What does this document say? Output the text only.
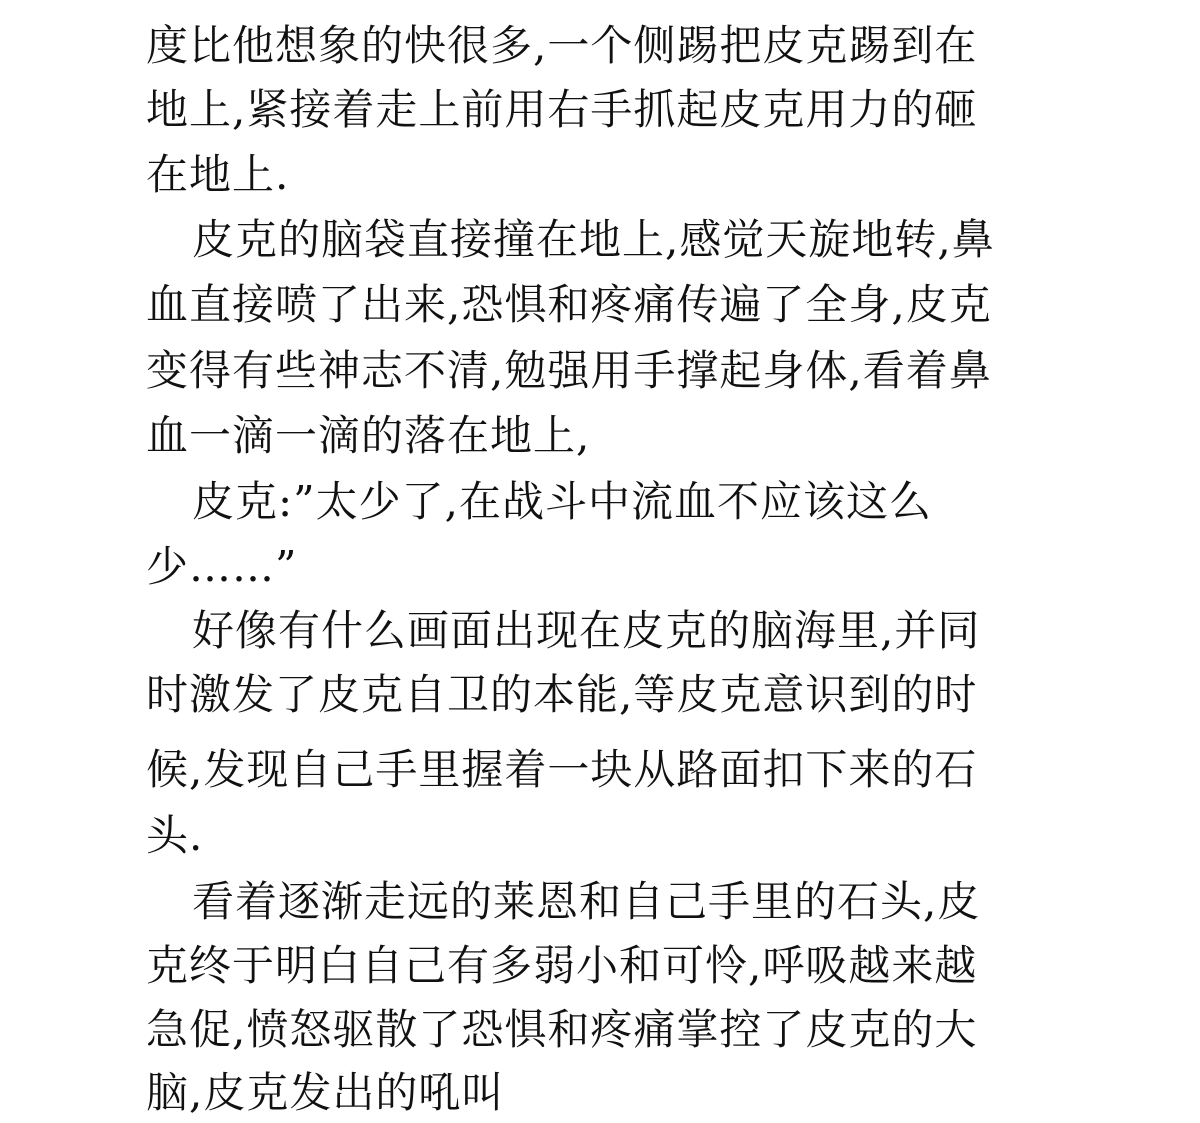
度比他想象的快很多,一个侧踢把皮克踢到在
地上,紧接着走上前用右手抓起皮克用力的砸
在地上.
皮克的脑袋直接撞在地上,感觉天旋地转,鼻
血直接喷了出来,恐惧和疼痛传遍了全身,皮克
变得有些神志不清,勉强用手撑起身体,看着鼻
血一滴一滴的落在地上,
皮克:”太少了,在战斗中流血不应该这么
少……”
好像有什么画面出现在皮克的脑海里,并同
时激发了皮克自卫的本能,等皮克意识到的时
候,发现自己手里握着一块从路面扣下来的石
头.
看着逐渐走远的莱恩和自己手里的石头,皮
克终于明白自己有多弱小和可怜,呼吸越来越
急促,愤怒驱散了恐惧和疼痛掌控了皮克的大
脑,皮克发出的吼叫
